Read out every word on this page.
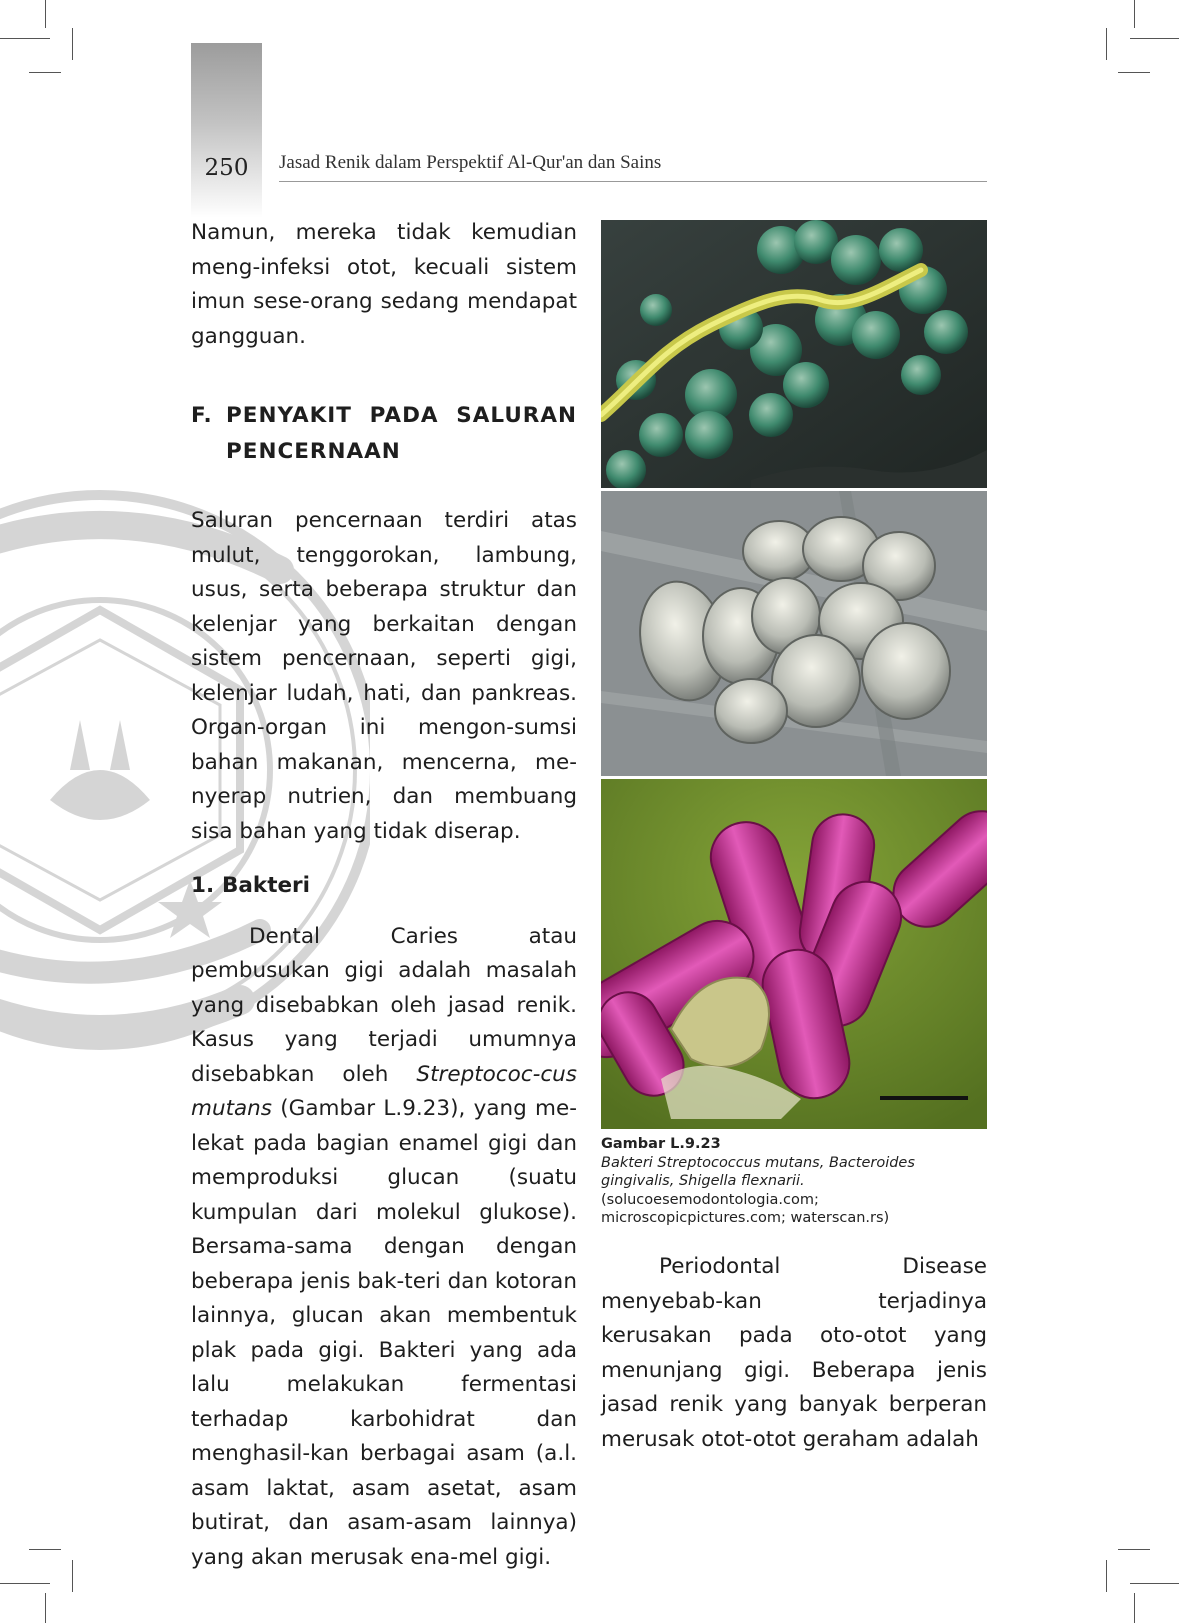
250	Jasad Renik dalam Perspektif Al-Qur'an dan Sains

Namun, mereka tidak kemudian meng-infeksi otot, kecuali sistem imun sese-orang sedang mendapat gangguan.

F. PENYAKIT PADA SALURAN PENCERNAAN

Saluran pencernaan terdiri atas mulut, tenggorokan, lambung, usus, serta beberapa struktur dan kelenjar yang berkaitan dengan sistem pencernaan, seperti gigi, kelenjar ludah, hati, dan pankreas. Organ-organ ini mengon-sumsi bahan makanan, mencerna, me-nyerap nutrien, dan membuang sisa bahan yang tidak diserap.

1. Bakteri

Dental Caries atau pembusukan gigi adalah masalah yang disebabkan oleh jasad renik. Kasus yang terjadi umumnya disebabkan oleh Streptococ-cus mutans (Gambar L.9.23), yang me-lekat pada bagian enamel gigi dan memproduksi glucan (suatu kumpulan dari molekul glukose). Bersama-sama dengan dengan beberapa jenis bak-teri dan kotoran lainnya, glucan akan membentuk plak pada gigi. Bakteri yang ada lalu melakukan fermentasi terhadap karbohidrat dan menghasil-kan berbagai asam (a.l. asam laktat, asam asetat, asam butirat, dan asam-asam lainnya) yang akan merusak ena-mel gigi.

Gambar L.9.23
Bakteri Streptococcus mutans, Bacteroides gingivalis, Shigella flexnarii. (solucoesemodontologia.com; microscopicpictures.com; waterscan.rs)

Periodontal Disease menyebab-kan terjadinya kerusakan pada oto-otot yang menunjang gigi. Beberapa jenis jasad renik yang banyak berperan merusak otot-otot geraham adalah
